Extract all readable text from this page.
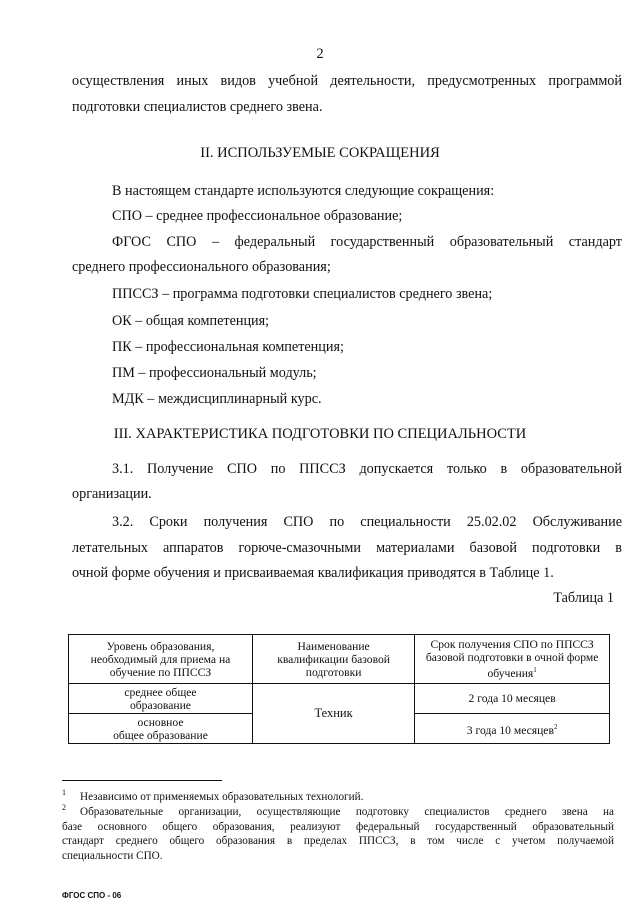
2
осуществления иных видов учебной деятельности, предусмотренных программой
подготовки специалистов среднего звена.
II. ИСПОЛЬЗУЕМЫЕ СОКРАЩЕНИЯ
В настоящем стандарте используются следующие сокращения:
СПО – среднее профессиональное образование;
ФГОС СПО – федеральный государственный образовательный стандарт
среднего профессионального образования;
ППССЗ – программа подготовки специалистов среднего звена;
ОК – общая компетенция;
ПК – профессиональная компетенция;
ПМ – профессиональный модуль;
МДК – междисциплинарный курс.
III. ХАРАКТЕРИСТИКА ПОДГОТОВКИ ПО СПЕЦИАЛЬНОСТИ
3.1. Получение СПО по ППССЗ допускается только в образовательной
организации.
3.2. Сроки получения СПО по специальности 25.02.02 Обслуживание
летательных аппаратов горюче-смазочными материалами базовой подготовки в
очной форме обучения и присваиваемая квалификация приводятся в Таблице 1.
Таблица 1
Уровень образования,
необходимый для приема на
обучение по ППССЗ	Наименование
квалификации базовой
подготовки	Срок получения СПО по ППССЗ
базовой подготовки в очной форме
обучения$^1$
среднее общее
образование	Техник	2 года 10 месяцев
основное
общее образование		3 года 10 месяцев$^2$
1	Независимо от применяемых образовательных технологий.
2	Образовательные организации, осуществляющие подготовку специалистов среднего звена на
базе основного общего образования, реализуют федеральный государственный образовательный
стандарт среднего общего образования в пределах ППССЗ, в том числе с учетом получаемой
специальности СПО.
ФГОС СПО - 06
